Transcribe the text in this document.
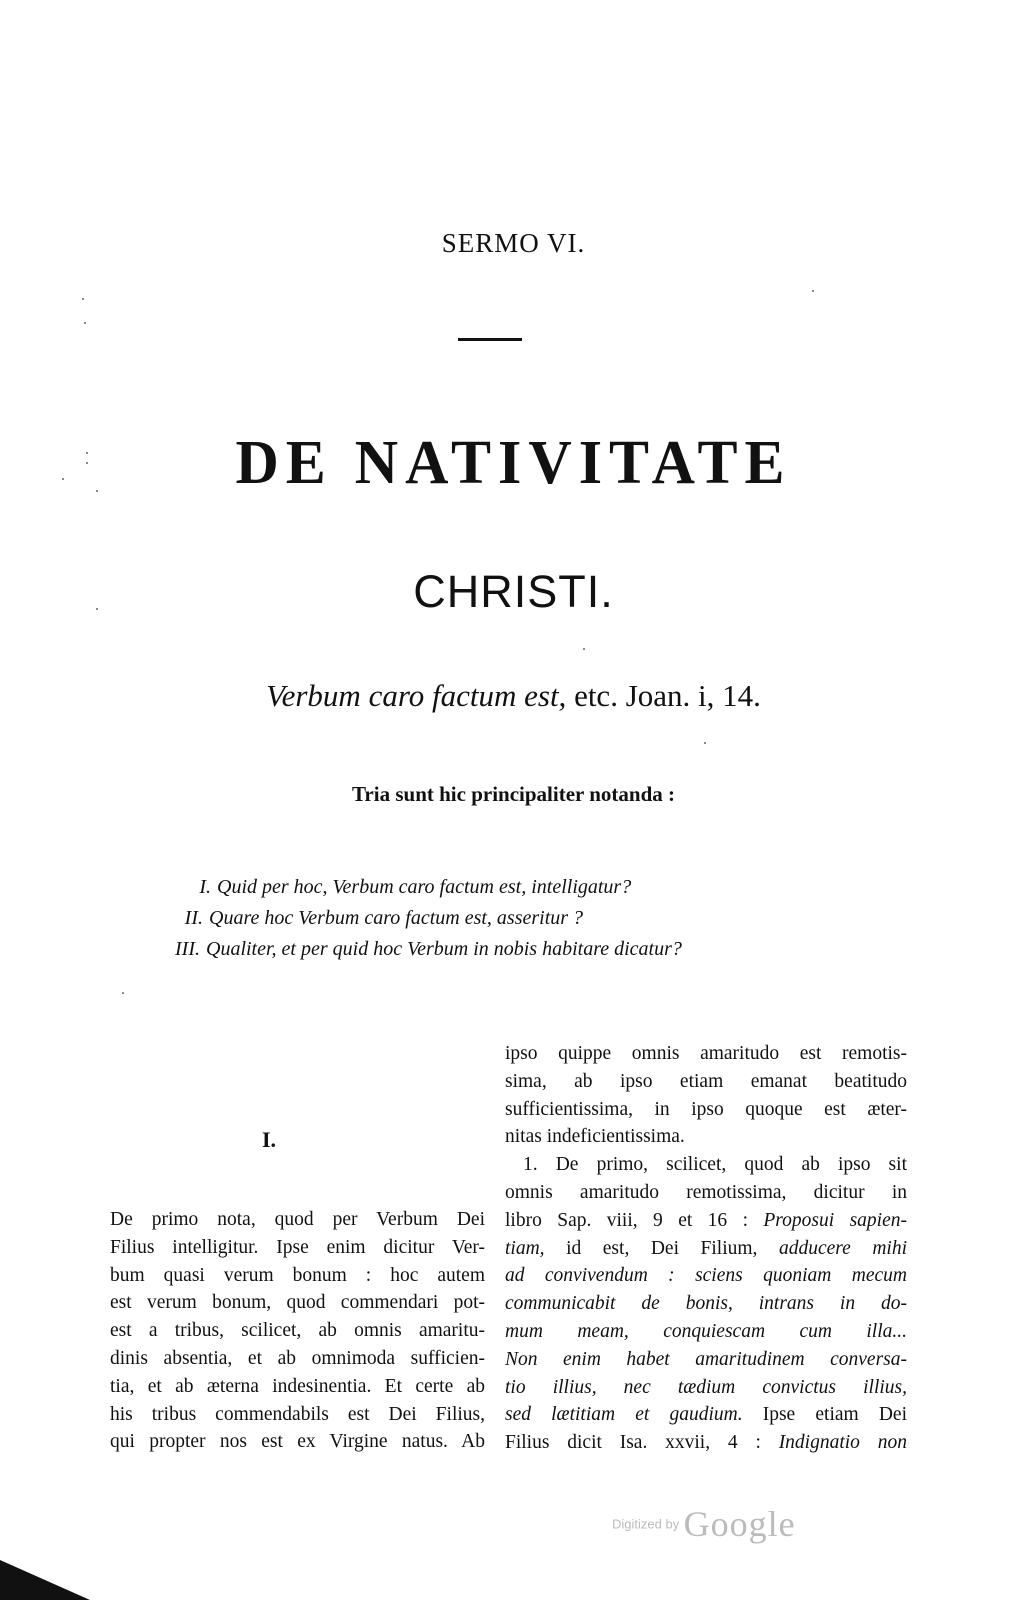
SERMO VI.
DE NATIVITATE
CHRISTI.
Verbum caro factum est, etc. Joan. i, 14.
Tria sunt hic principaliter notanda :
I. Quid per hoc, Verbum caro factum est, intelligatur?
II. Quare hoc Verbum caro factum est, asseritur ?
III. Qualiter, et per quid hoc Verbum in nobis habitare dicatur?
I.
De primo nota, quod per Verbum Dei
Filius intelligitur. Ipse enim dicitur Ver-
bum quasi verum bonum : hoc autem
est verum bonum, quod commendari pot-
est a tribus, scilicet, ab omnis amaritu-
dinis absentia, et ab omnimoda sufficien-
tia, et ab æterna indesinentia. Et certe ab
his tribus commendabils est Dei Filius,
qui propter nos est ex Virgine natus. Ab
ipso quippe omnis amaritudo est remotis-
sima, ab ipso etiam emanat beatitudo
sufficientissima, in ipso quoque est æter-
nitas indeficientissima.
1. De primo, scilicet, quod ab ipso sit
omnis amaritudo remotissima, dicitur in
libro Sap. viii, 9 et 16 : Proposui sapien-
tiam, id est, Dei Filium, adducere mihi
ad convivendum : sciens quoniam mecum
communicabit de bonis, intrans in do-
mum meam, conquiescam cum illa...
Non enim habet amaritudinem conversa-
tio illius, nec tædium convictus illius,
sed lætitiam et gaudium. Ipse etiam Dei
Filius dicit Isa. xxvii, 4 : Indignatio non
Digitized by Google
